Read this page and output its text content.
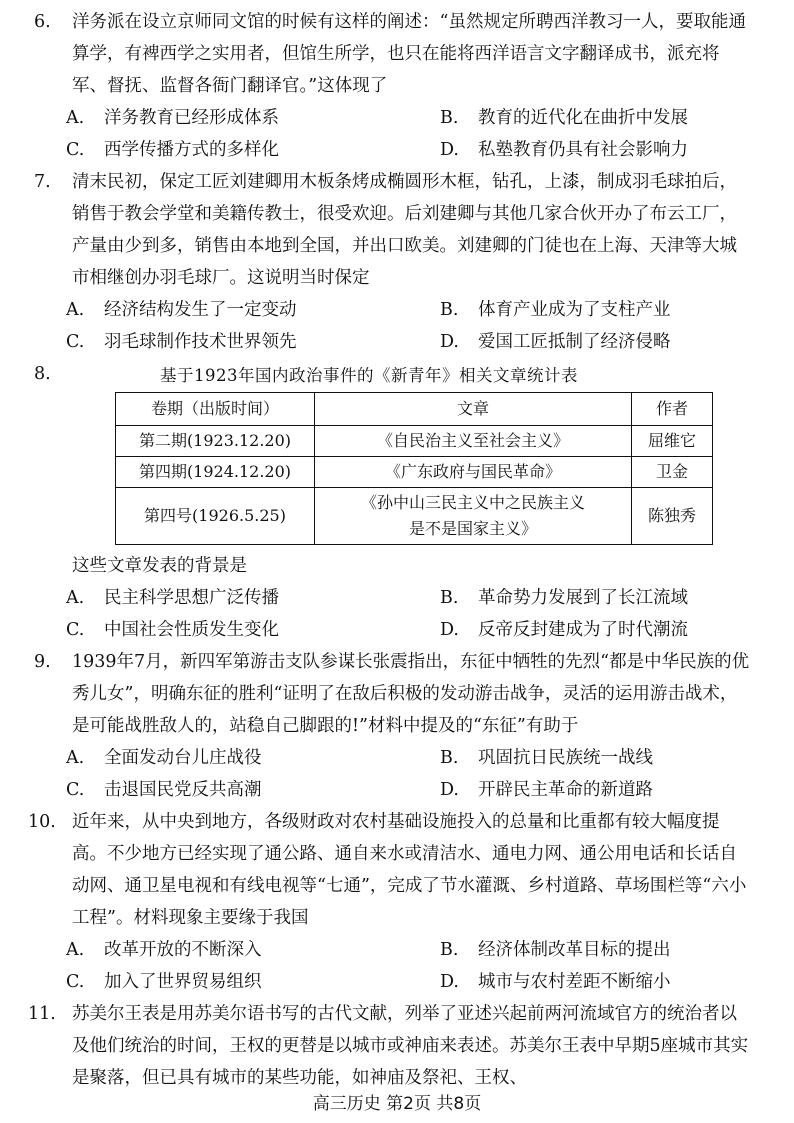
6. 洋务派在设立京师同文馆的时候有这样的阐述：“虽然规定所聘西洋教习一人，要取能通算学，有裨西学之实用者，但馆生所学，也只在能将西洋语言文字翻译成书，派充将军、督抚、监督各衙门翻译官。”这体现了
A. 洋务教育已经形成体系	B. 教育的近代化在曲折中发展
C. 西学传播方式的多样化	D. 私塾教育仍具有社会影响力
7. 清末民初，保定工匠刘建卿用木板条烤成椭圆形木框，钻孔，上漆，制成羽毛球拍后，销售于教会学堂和美籍传教士，很受欢迎。后刘建卿与其他几家合伙开办了布云工厂，产量由少到多，销售由本地到全国，并出口欧美。刘建卿的门徒也在上海、天津等大城市相继创办羽毛球厂。这说明当时保定
A. 经济结构发生了一定变动	B. 体育产业成为了支柱产业
C. 羽毛球制作技术世界领先	D. 爱国工匠抵制了经济侵略
8.	基于1923年国内政治事件的《新青年》相关文章统计表
卷期（出版时间）	文章	作者
第二期(1923.12.20)	《自民治主义至社会主义》	屈维它
第四期(1924.12.20)	《广东政府与国民革命》	卫金
第四号(1926.5.25)	《孙中山三民主义中之民族主义
是不是国家主义》	陈独秀
这些文章发表的背景是
A. 民主科学思想广泛传播	B. 革命势力发展到了长江流域
C. 中国社会性质发生变化	D. 反帝反封建成为了时代潮流
9. 1939年7月，新四军第游击支队参谋长张震指出，东征中牺牲的先烈“都是中华民族的优秀儿女”，明确东征的胜利“证明了在敌后积极的发动游击战争，灵活的运用游击战术，是可能战胜敌人的，站稳自己脚跟的!”材料中提及的“东征”有助于
A. 全面发动台儿庄战役	B. 巩固抗日民族统一战线
C. 击退国民党反共高潮	D. 开辟民主革命的新道路
10. 近年来，从中央到地方，各级财政对农村基础设施投入的总量和比重都有较大幅度提高。不少地方已经实现了通公路、通自来水或清洁水、通电力网、通公用电话和长话自动网、通卫星电视和有线电视等“七通”，完成了节水灌溉、乡村道路、草场围栏等“六小工程”。材料现象主要缘于我国
A. 改革开放的不断深入	B. 经济体制改革目标的提出
C. 加入了世界贸易组织	D. 城市与农村差距不断缩小
11. 苏美尔王表是用苏美尔语书写的古代文献，列举了亚述兴起前两河流域官方的统治者以及他们统治的时间，王权的更替是以城市或神庙来表述。苏美尔王表中早期5座城市其实是聚落，但已具有城市的某些功能，如神庙及祭祀、王权、
高三历史 第2页 共8页
